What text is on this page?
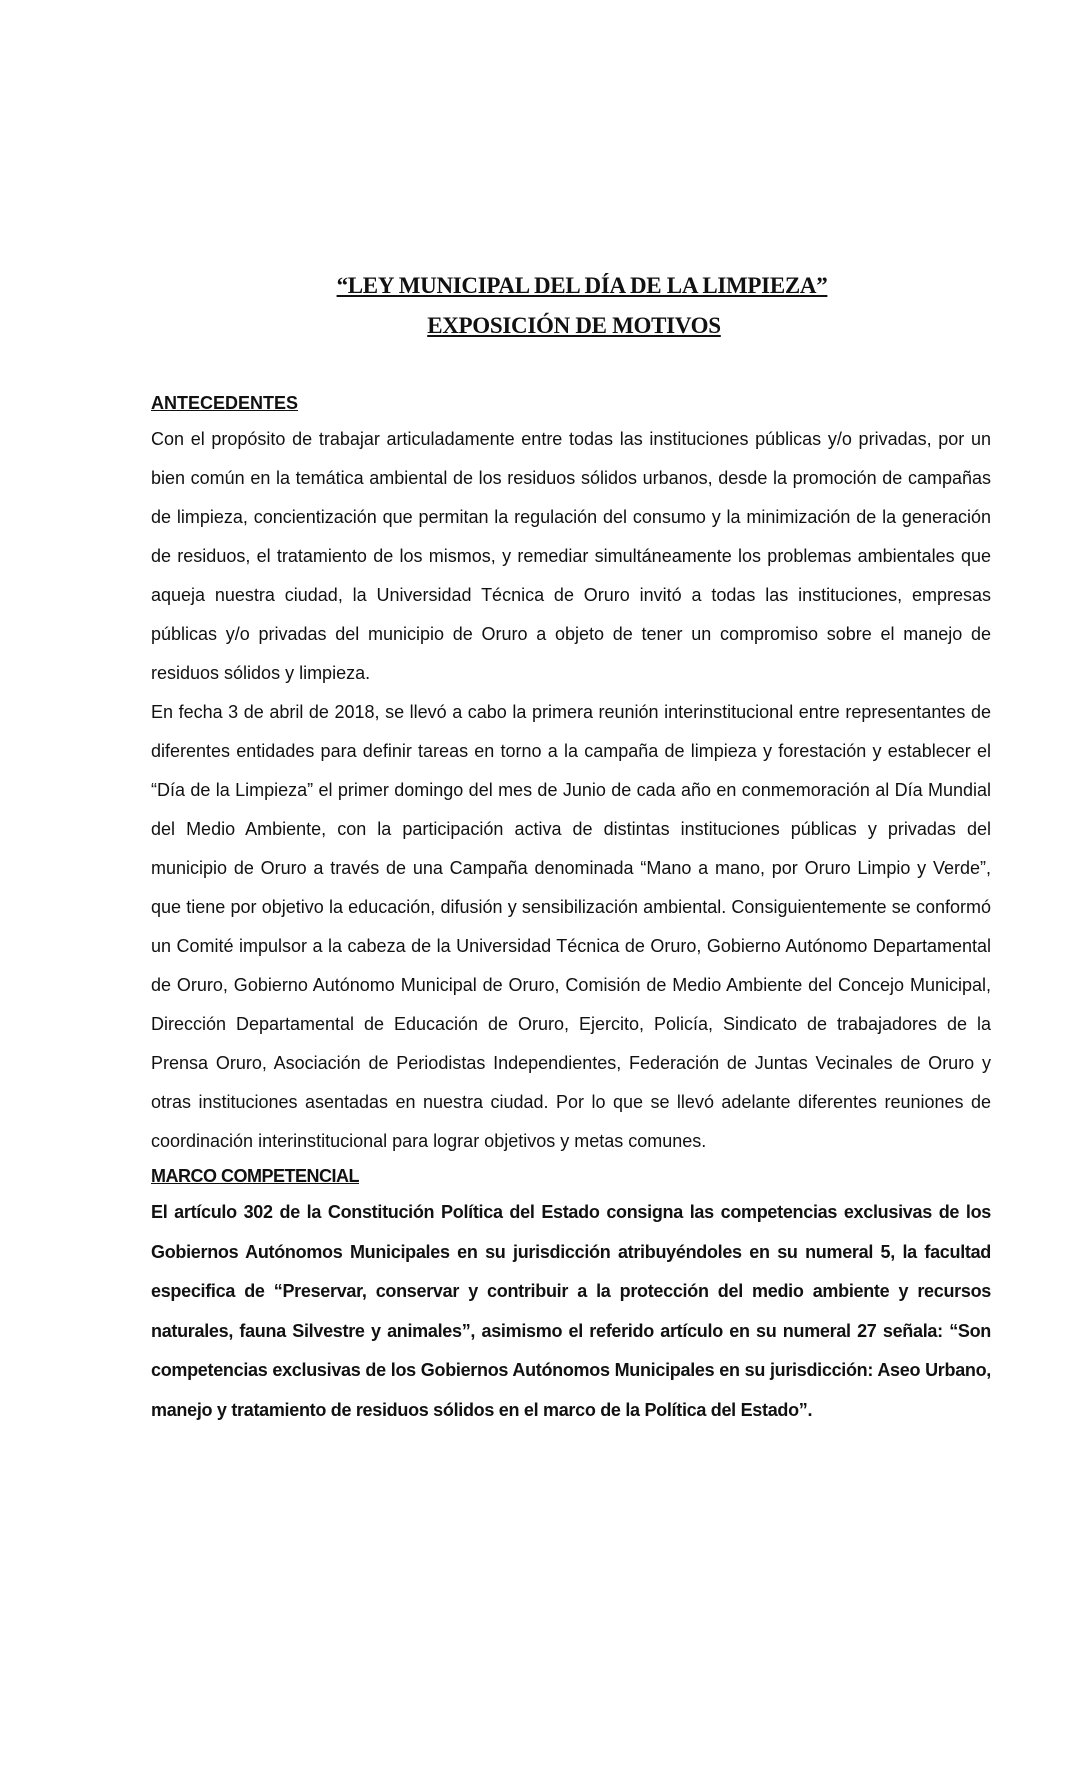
“LEY MUNICIPAL DEL DÍA DE LA LIMPIEZA”

EXPOSICIÓN DE MOTIVOS

ANTECEDENTES

Con el propósito de trabajar articuladamente entre todas las instituciones públicas y/o privadas, por un bien común en la temática ambiental de los residuos sólidos urbanos, desde la promoción de campañas de limpieza, concientización que permitan la regulación del consumo y la minimización de la generación de residuos, el tratamiento de los mismos, y remediar simultáneamente los problemas ambientales que aqueja nuestra ciudad, la Universidad Técnica de Oruro invitó a todas las instituciones, empresas públicas y/o privadas del municipio de Oruro a objeto de tener un compromiso sobre el manejo de residuos sólidos y limpieza.

En fecha 3 de abril de 2018, se llevó a cabo la primera reunión interinstitucional entre representantes de diferentes entidades para definir tareas en torno a la campaña de limpieza y forestación y establecer el “Día de la Limpieza” el primer domingo del mes de Junio de cada año en conmemoración al Día Mundial del Medio Ambiente, con la participación activa de distintas instituciones públicas y privadas del municipio de Oruro a través de una Campaña denominada “Mano a mano, por Oruro Limpio y Verde”, que tiene por objetivo la educación, difusión y sensibilización ambiental. Consiguientemente se conformó un Comité impulsor a la cabeza de la Universidad Técnica de Oruro, Gobierno Autónomo Departamental de Oruro, Gobierno Autónomo Municipal de Oruro, Comisión de Medio Ambiente del Concejo Municipal, Dirección Departamental de Educación de Oruro, Ejercito, Policía, Sindicato de trabajadores de la Prensa Oruro, Asociación de Periodistas Independientes, Federación de Juntas Vecinales de Oruro y otras instituciones asentadas en nuestra ciudad. Por lo que se llevó adelante diferentes reuniones de coordinación interinstitucional para lograr objetivos y metas comunes.

MARCO COMPETENCIAL

El artículo 302 de la Constitución Política del Estado consigna las competencias exclusivas de los Gobiernos Autónomos Municipales en su jurisdicción atribuyéndoles en su numeral 5, la facultad especifica de “Preservar, conservar y contribuir a la protección del medio ambiente y recursos naturales, fauna Silvestre y animales”, asimismo el referido artículo en su numeral 27 señala: “Son competencias exclusivas de los Gobiernos Autónomos Municipales en su jurisdicción: Aseo Urbano, manejo y tratamiento de residuos sólidos en el marco de la Política del Estado”.
